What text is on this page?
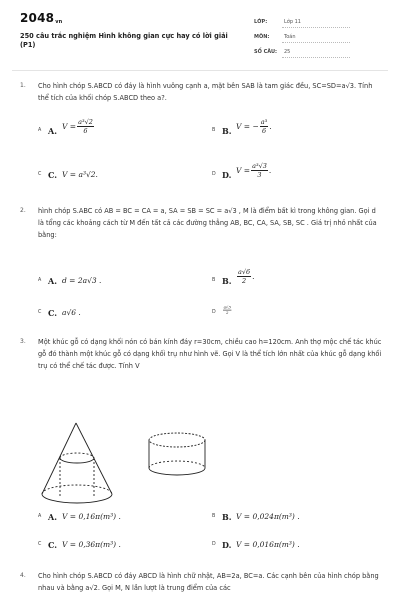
2048vn
250 câu trắc nghiệm Hình không gian cực hay có lời giải (P1)
LỚP:	Lớp 11
MÔN:	Toán
SỐ CÂU: 25
1. Cho hình chóp S.ABCD có đáy là hình vuông cạnh a, mặt bên SAB là tam giác đều, SC=SD=a√3. Tính thể tích của khối chóp S.ABCD theo a?.
A A. $V = \frac{\text{a³√2}}{6}$	B B. V = − $\frac{\text{a³}}{6}$ .
C C. V = a³√2.	D D. $V = \frac{\text{a³√3}}{3}$ .
2. hình chóp S.ABC có AB = BC = CA = a, SA = SB = SC = a√3 , M là điểm bất kì trong không gian. Gọi d là tổng các khoảng cách từ M đến tất cả các đường thẳng AB, BC, CA, SA, SB, SC . Giá trị nhỏ nhất của bằng:
A A. d = 2a√3 .	B B. $\frac{a√6}{2}$ .
C C. a√6 .	D $\frac{a√3}{2}$
3. Một khúc gỗ có dạng khối nón có bán kính đáy r=30cm, chiều cao h=120cm. Anh thợ mộc chế tác khúc gỗ đó thành một khúc gỗ có dạng khối trụ như hình vẽ. Gọi V là thể tích lớn nhất của khúc gỗ dạng khối trụ có thể chế tác được. Tính V
A A. V = 0,16π(m³) .	B B. V = 0,024π(m³) .
C C. V = 0,36π(m³) .	D D. V = 0,016π(m³) .
4. Cho hình chóp S.ABCD có đáy ABCD là hình chữ nhật, AB=2a, BC=a. Các cạnh bên của hình chóp bằng nhau và bằng a√2. Gọi M, N lần lượt là trung điểm của các
